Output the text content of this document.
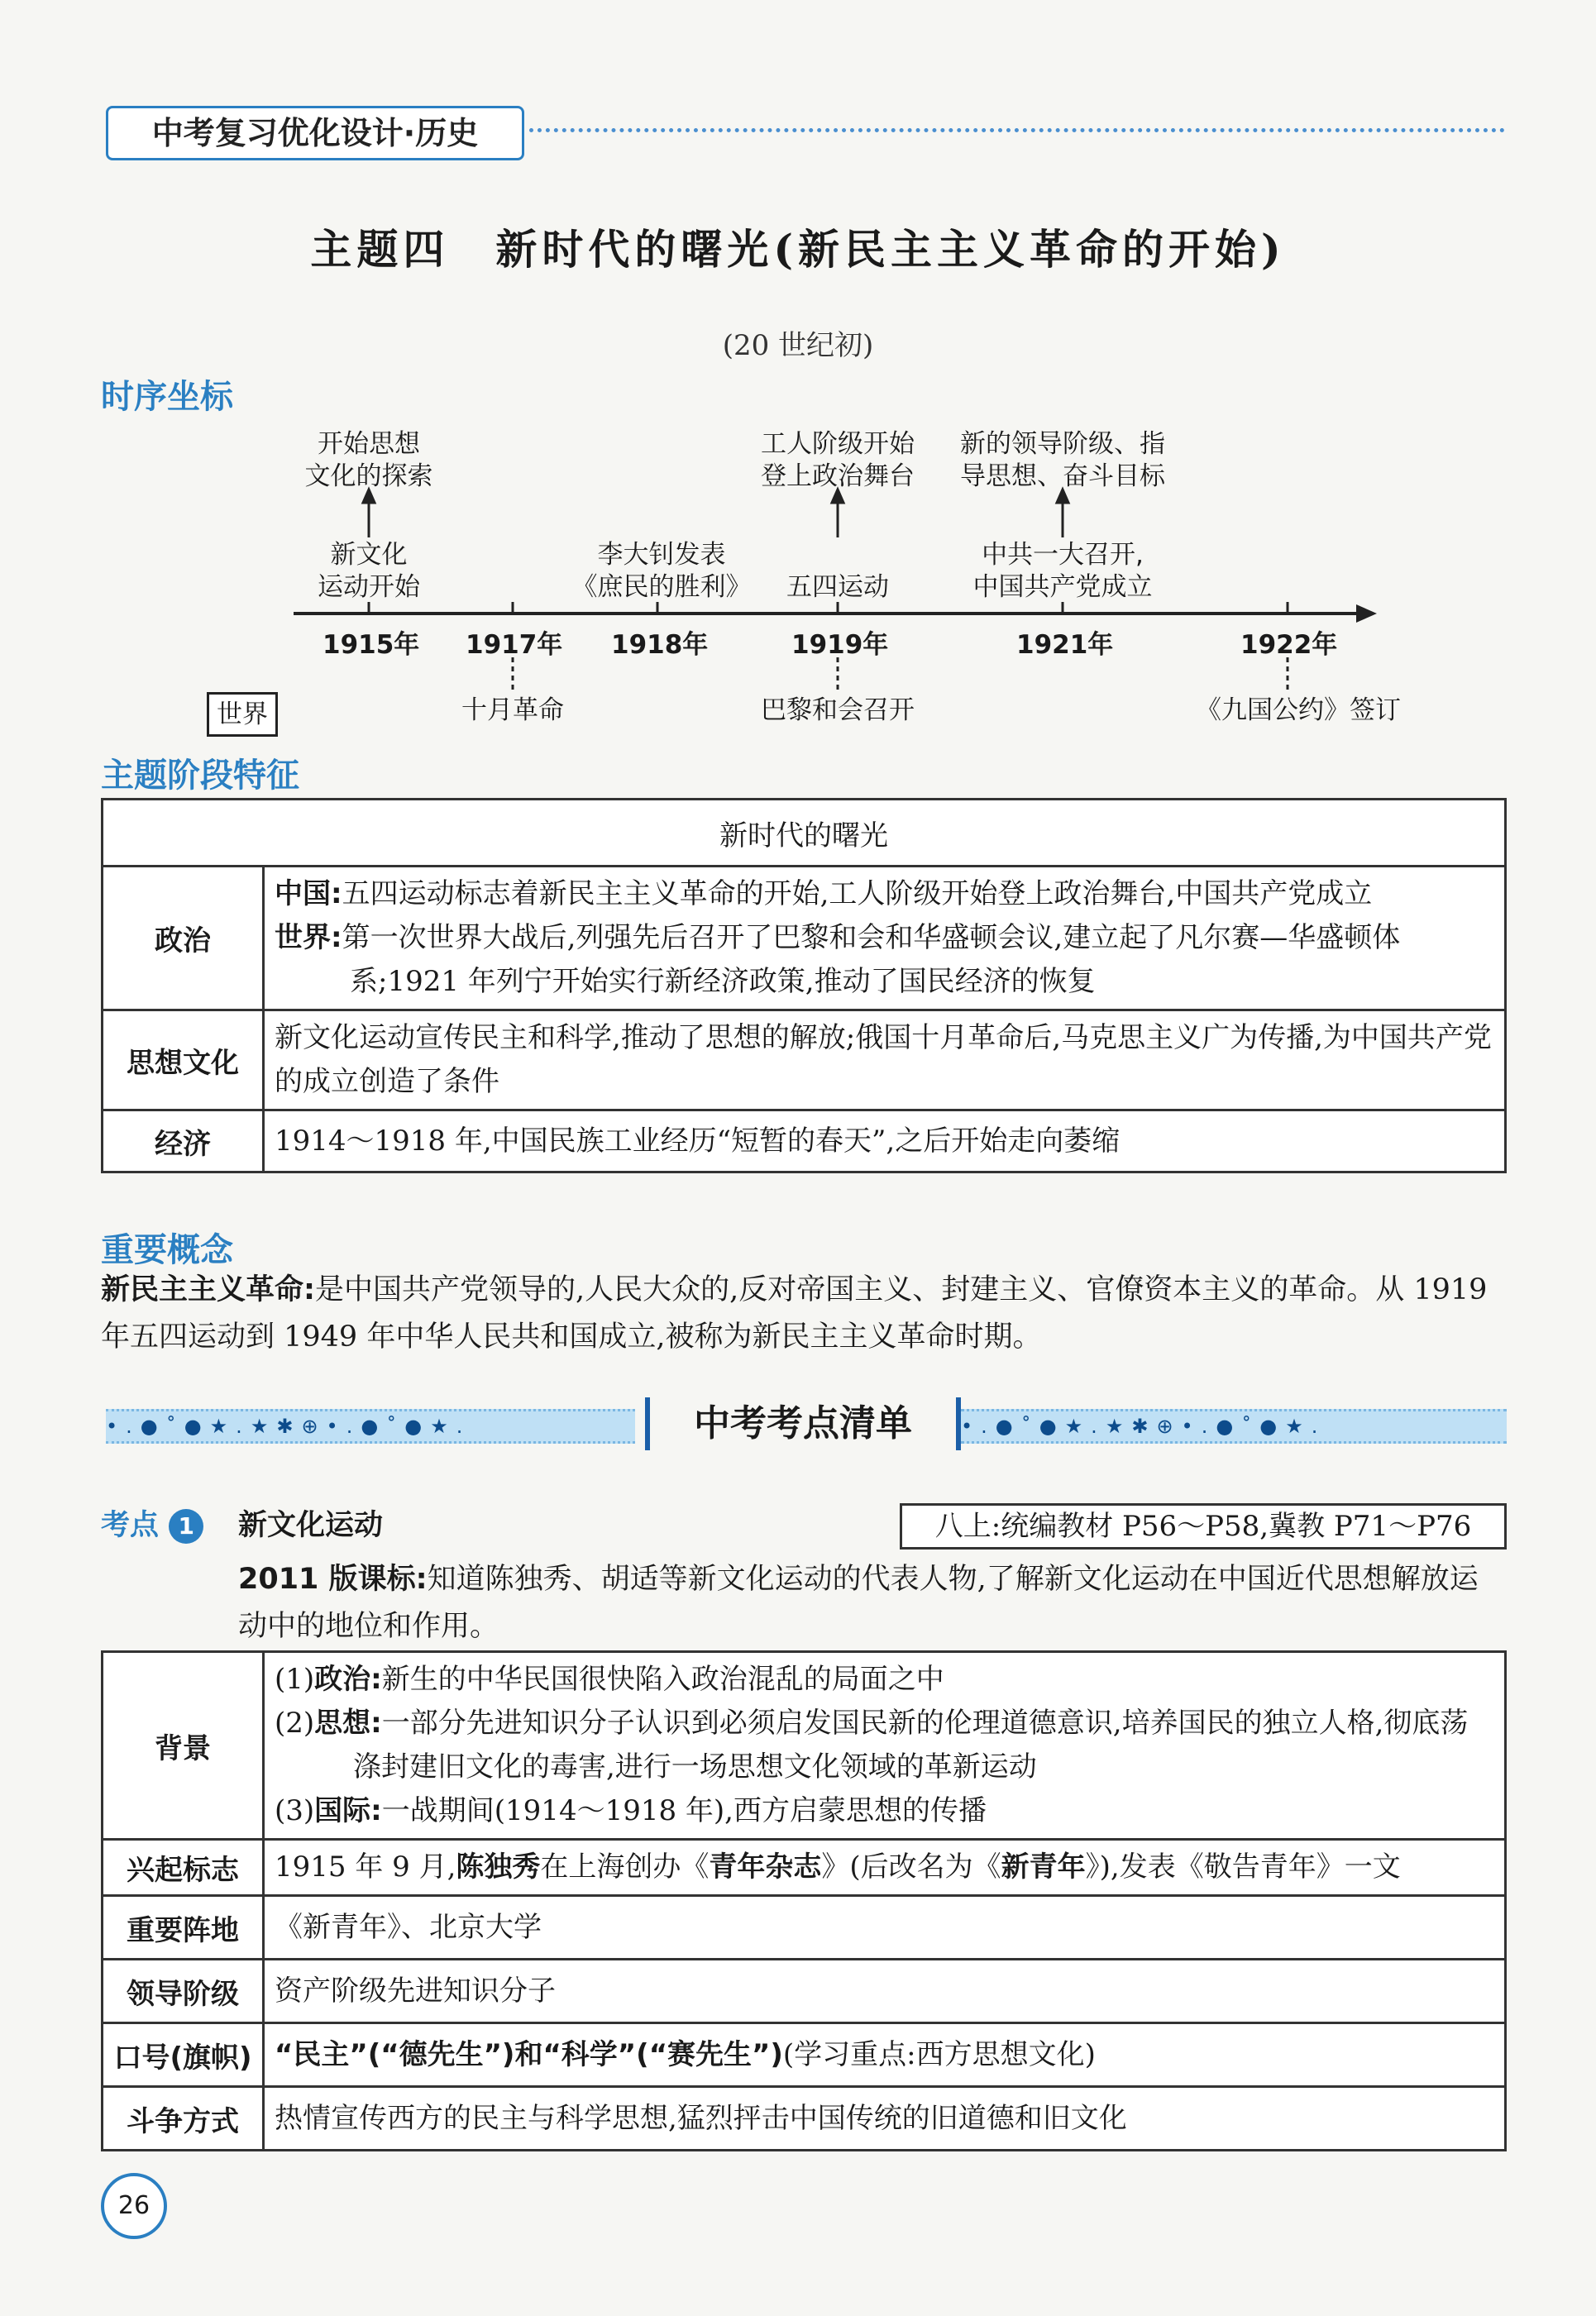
中考复习优化设计·历史
主题四　新时代的曙光(新民主主义革命的开始)
(20 世纪初)
时序坐标
开始思想
文化的探索
工人阶级开始
登上政治舞台
新的领导阶级、指
导思想、奋斗目标
新文化
运动开始
李大钊发表
《庶民的胜利》	五四运动
中共一大召开,
中国共产党成立
1915年 1917年 1918年	1919年	1921年	1922年
世界	十月革命	巴黎和会召开	《九国公约》签订
主题阶段特征
新时代的曙光	
政治	中国:五四运动标志着新民主主义革命的开始,工人阶级开始登上政治舞台,中国共产党成立
世界:第一次世界大战后,列强先后召开了巴黎和会和华盛顿会议,建立起了凡尔赛—华盛顿体系;1921 年列宁开始实行新经济政策,推动了国民经济的恢复

思想文化	新文化运动宣传民主和科学,推动了思想的解放;俄国十月革命后,马克思主义广为传播,为中国共产党的成立创造了条件
经济	1914～1918 年,中国民族工业经历“短暂的春天”,之后开始走向萎缩
重要概念
新民主主义革命:是中国共产党领导的,人民大众的,反对帝国主义、封建主义、官僚资本主义的革命。从 1919 年五四运动到 1949 年中华人民共和国成立,被称为新民主主义革命时期。
•.●˚●★.★✱⊕•.●˚●★.	中考考点清单	•.●˚●★.★✱⊕•.●˚●★.
考点 1	新文化运动	八上:统编教材 P56～P58,冀教 P71～P76
2011 版课标:知道陈独秀、胡适等新文化运动的代表人物,了解新文化运动在中国近代思想解放运动中的地位和作用。
背景	(1)政治:新生的中华民国很快陷入政治混乱的局面之中
(2)思想:一部分先进知识分子认识到必须启发国民新的伦理道德意识,培养国民的独立人格,彻底荡涤封建旧文化的毒害,进行一场思想文化领域的革新运动
(3)国际:一战期间(1914～1918 年),西方启蒙思想的传播

兴起标志	1915 年 9 月,陈独秀在上海创办《青年杂志》(后改名为《新青年》),发表《敬告青年》一文
重要阵地	《新青年》、北京大学
领导阶级	资产阶级先进知识分子
口号(旗帜)	“民主”(“德先生”)和“科学”(“赛先生”)(学习重点:西方思想文化)
斗争方式	热情宣传西方的民主与科学思想,猛烈抨击中国传统的旧道德和旧文化
26
